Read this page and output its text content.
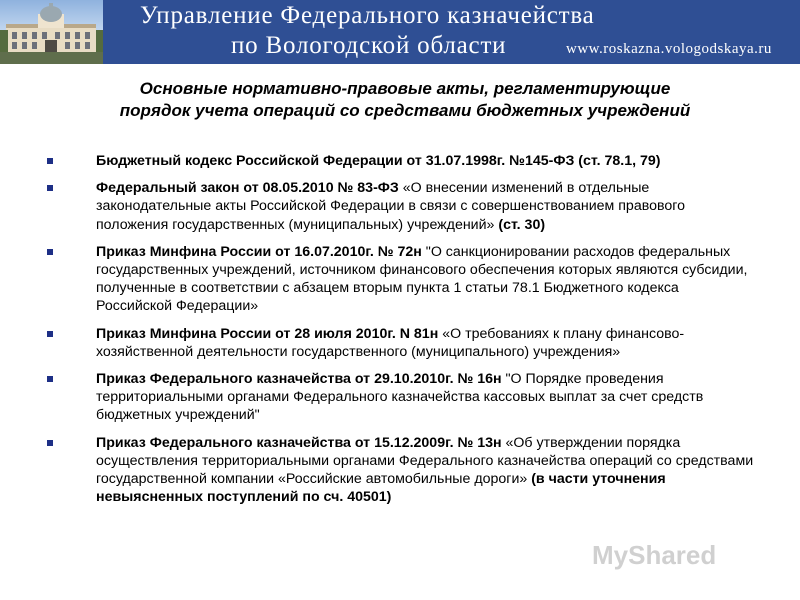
Управление Федерального казначейства
по Вологодской области	www.roskazna.vologodskaya.ru
Основные нормативно-правовые акты, регламентирующие
порядок учета операций со средствами бюджетных учреждений
Бюджетный кодекс Российской Федерации от 31.07.1998г. №145-ФЗ (ст. 78.1, 79)
Федеральный закон от 08.05.2010 № 83-ФЗ «О внесении изменений в отдельные законодательные акты Российской Федерации в связи с совершенствованием правового положения государственных (муниципальных) учреждений» (ст. 30)
Приказ Минфина России от 16.07.2010г. № 72н "О санкционировании расходов федеральных государственных учреждений, источником финансового обеспечения которых являются субсидии, полученные в соответствии с абзацем вторым пункта 1 статьи 78.1 Бюджетного кодекса Российской Федерации»
Приказ Минфина России от 28 июля 2010г. N 81н «О требованиях к плану финансово-хозяйственной деятельности государственного (муниципального) учреждения»
Приказ Федерального казначейства от 29.10.2010г. № 16н "О Порядке проведения территориальными органами Федерального казначейства кассовых выплат за счет средств бюджетных учреждений"
Приказ Федерального казначейства от 15.12.2009г. № 13н «Об утверждении порядка осуществления территориальными органами Федерального казначейства операций со средствами государственной компании «Российские автомобильные дороги» (в части уточнения невыясненных поступлений по сч. 40501)
MyShared
